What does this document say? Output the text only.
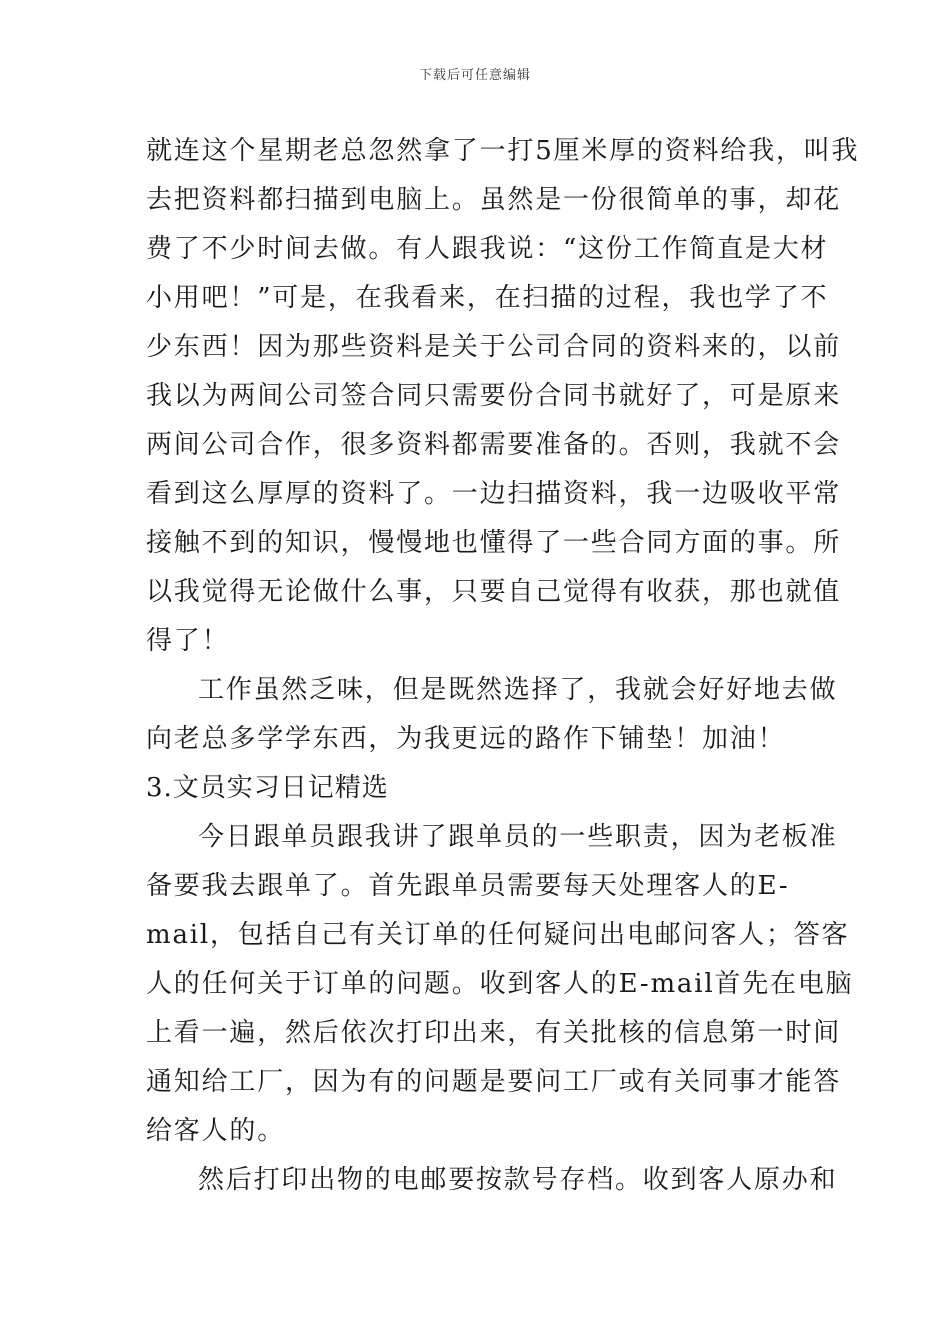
下载后可任意编辑
就连这个星期老总忽然拿了一打5厘米厚的资料给我，叫我
去把资料都扫描到电脑上。虽然是一份很简单的事，却花
费了不少时间去做。有人跟我说：“这份工作简直是大材
小用吧！”可是，在我看来，在扫描的过程，我也学了不
少东西！因为那些资料是关于公司合同的资料来的，以前
我以为两间公司签合同只需要份合同书就好了，可是原来
两间公司合作，很多资料都需要准备的。否则，我就不会
看到这么厚厚的资料了。一边扫描资料，我一边吸收平常
接触不到的知识，慢慢地也懂得了一些合同方面的事。所
以我觉得无论做什么事，只要自己觉得有收获，那也就值
得了！
工作虽然乏味，但是既然选择了，我就会好好地去做
向老总多学学东西，为我更远的路作下铺垫！加油！
3.文员实习日记精选
今日跟单员跟我讲了跟单员的一些职责，因为老板准
备要我去跟单了。首先跟单员需要每天处理客人的E-
mail，包括自己有关订单的任何疑问出电邮问客人；答客
人的任何关于订单的问题。收到客人的E-mail首先在电脑
上看一遍，然后依次打印出来，有关批核的信息第一时间
通知给工厂，因为有的问题是要问工厂或有关同事才能答
给客人的。
然后打印出物的电邮要按款号存档。收到客人原办和
